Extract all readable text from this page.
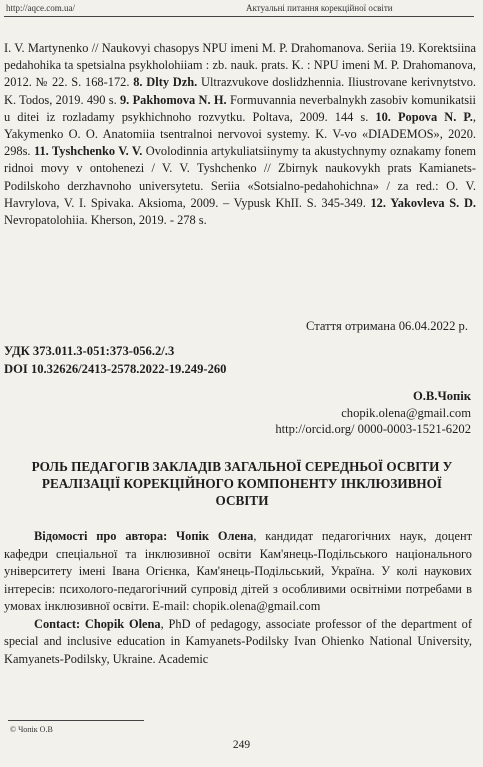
http://aqce.com.ua/	Актуальні питання корекційної освіти

I. V. Martynenko // Naukovyi chasopys NPU imeni M. P. Drahomanova. Seriia 19. Korektsiina pedahohika ta spetsialna psykholohiiam : zb. nauk. prats. K. : NPU imeni M. P. Drahomanova, 2012. № 22. S. 168-172. 8. Dlty Dzh. Ultrazvukove doslidzhennia. Iliustrovane kerivnytstvo. K. Todos, 2019. 490 s. 9. Pakhomova N. H. Formuvannia neverbalnykh zasobiv komunikatsii u ditei iz rozladamy psykhichnoho rozvytku. Poltava, 2009. 144 s. 10. Popova N. P., Yakymenko O. O. Anatomiia tsentralnoi nervovoi systemy. K. V-vo «DIADEMOS», 2020. 298s. 11. Tyshchenko V. V. Ovolodinnia artykuliatsiinymy ta akustychnymy oznakamy fonem ridnoi movy v ontohenezi / V. V. Tyshchenko // Zbirnyk naukovykh prats Kamianets-Podilskoho derzhavnoho universytetu. Seriia «Sotsialno-pedahohichna» / za red.: O. V. Havrylova, V. I. Spivaka. Aksioma, 2009. – Vypusk KhII. S. 345-349. 12. Yakovleva S. D. Nevropatolohiia. Kherson, 2019. - 278 s.

Стаття отримана 06.04.2022 р.
УДК 373.011.3-051:373-056.2/.3
DOI 10.32626/2413-2578.2022-19.249-260
О.В.Чопік
chopik.olena@gmail.com
http://orcid.org/ 0000-0003-1521-6202
РОЛЬ ПЕДАГОГІВ ЗАКЛАДІВ ЗАГАЛЬНОЇ СЕРЕДНЬОЇ ОСВІТИ У РЕАЛІЗАЦІЇ КОРЕКЦІЙНОГО КОМПОНЕНТУ ІНКЛЮЗИВНОЇ ОСВІТИ

Відомості про автора: Чопік Олена, кандидат педагогічних наук, доцент кафедри спеціальної та інклюзивної освіти Кам'янець-Подільського національного університету імені Івана Огієнка, Кам'янець-Подільський, Україна. У колі наукових інтересів: психолого-педагогічний супровід дітей з особливими освітніми потребами в умовах інклюзивної освіти. E-mail: chopik.olena@gmail.com
Contact: Chopik Olena, PhD of pedagogy, associate professor of the department of special and inclusive education in Kamyanets-Podilsky Ivan Ohienko National University, Kamyanets-Podilsky, Ukraine. Academic

© Чопік О.В
249
